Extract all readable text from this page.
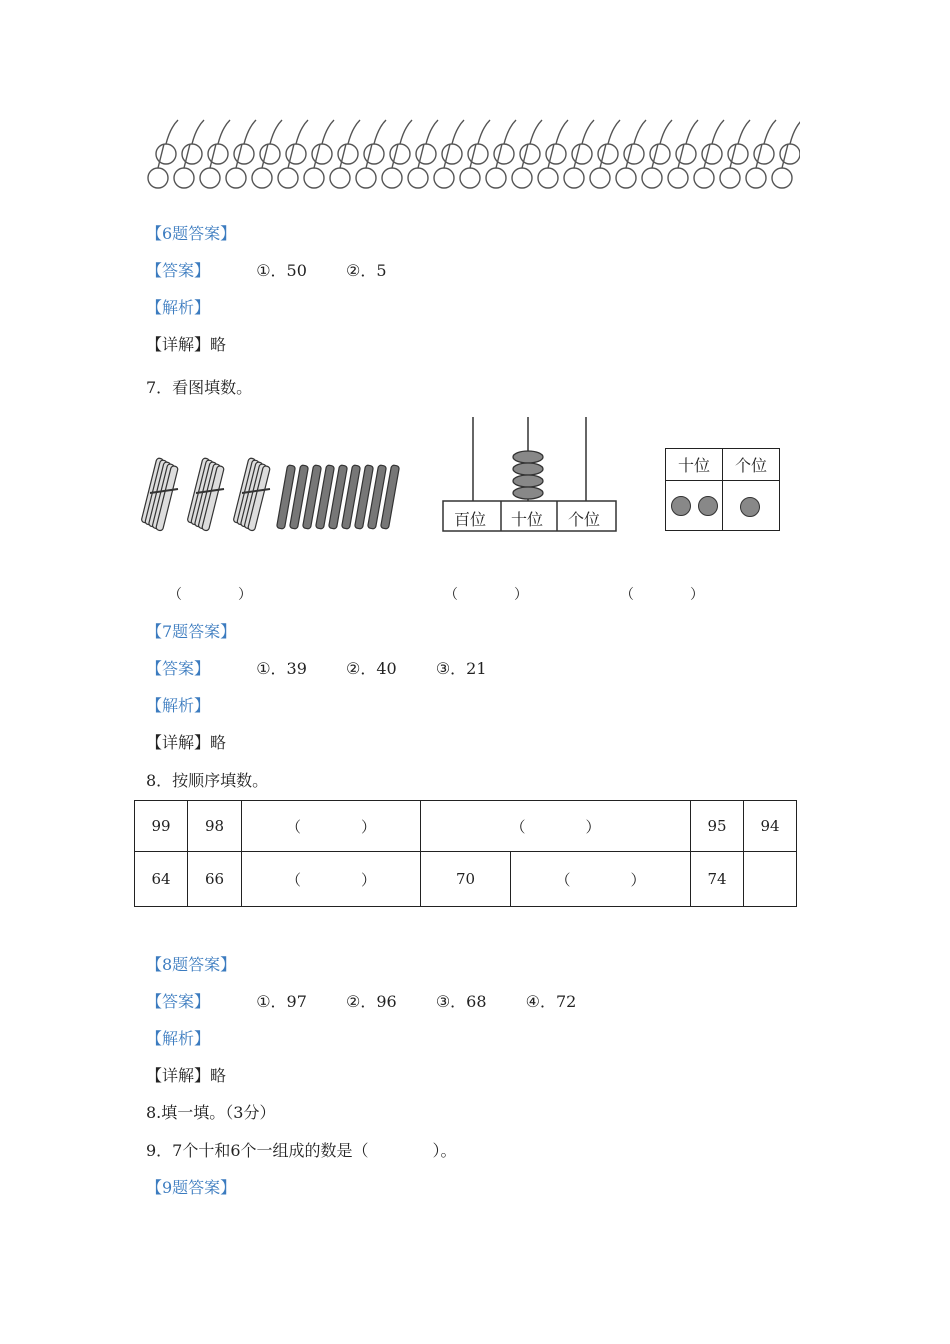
【6题答案】
【答案】	①．50 ②．5
【解析】
【详解】略
7．看图填数。
百位 十位 个位
十位	个位

（　　　　）	（　　　　）	（　　　　）
【7题答案】
【答案】	①．39 ②．40 ③．21
【解析】
【详解】略
8．按顺序填数。
99	98	（　　　　）	（　　　　）		95	94
64	66	（　　　　）	70	（　　　　）	74	
【8题答案】
【答案】	①．97 ②．96 ③．68 ④．72
【解析】
【详解】略
8.填一填。（3分）
9．7个十和6个一组成的数是（　　　　）。
【9题答案】
